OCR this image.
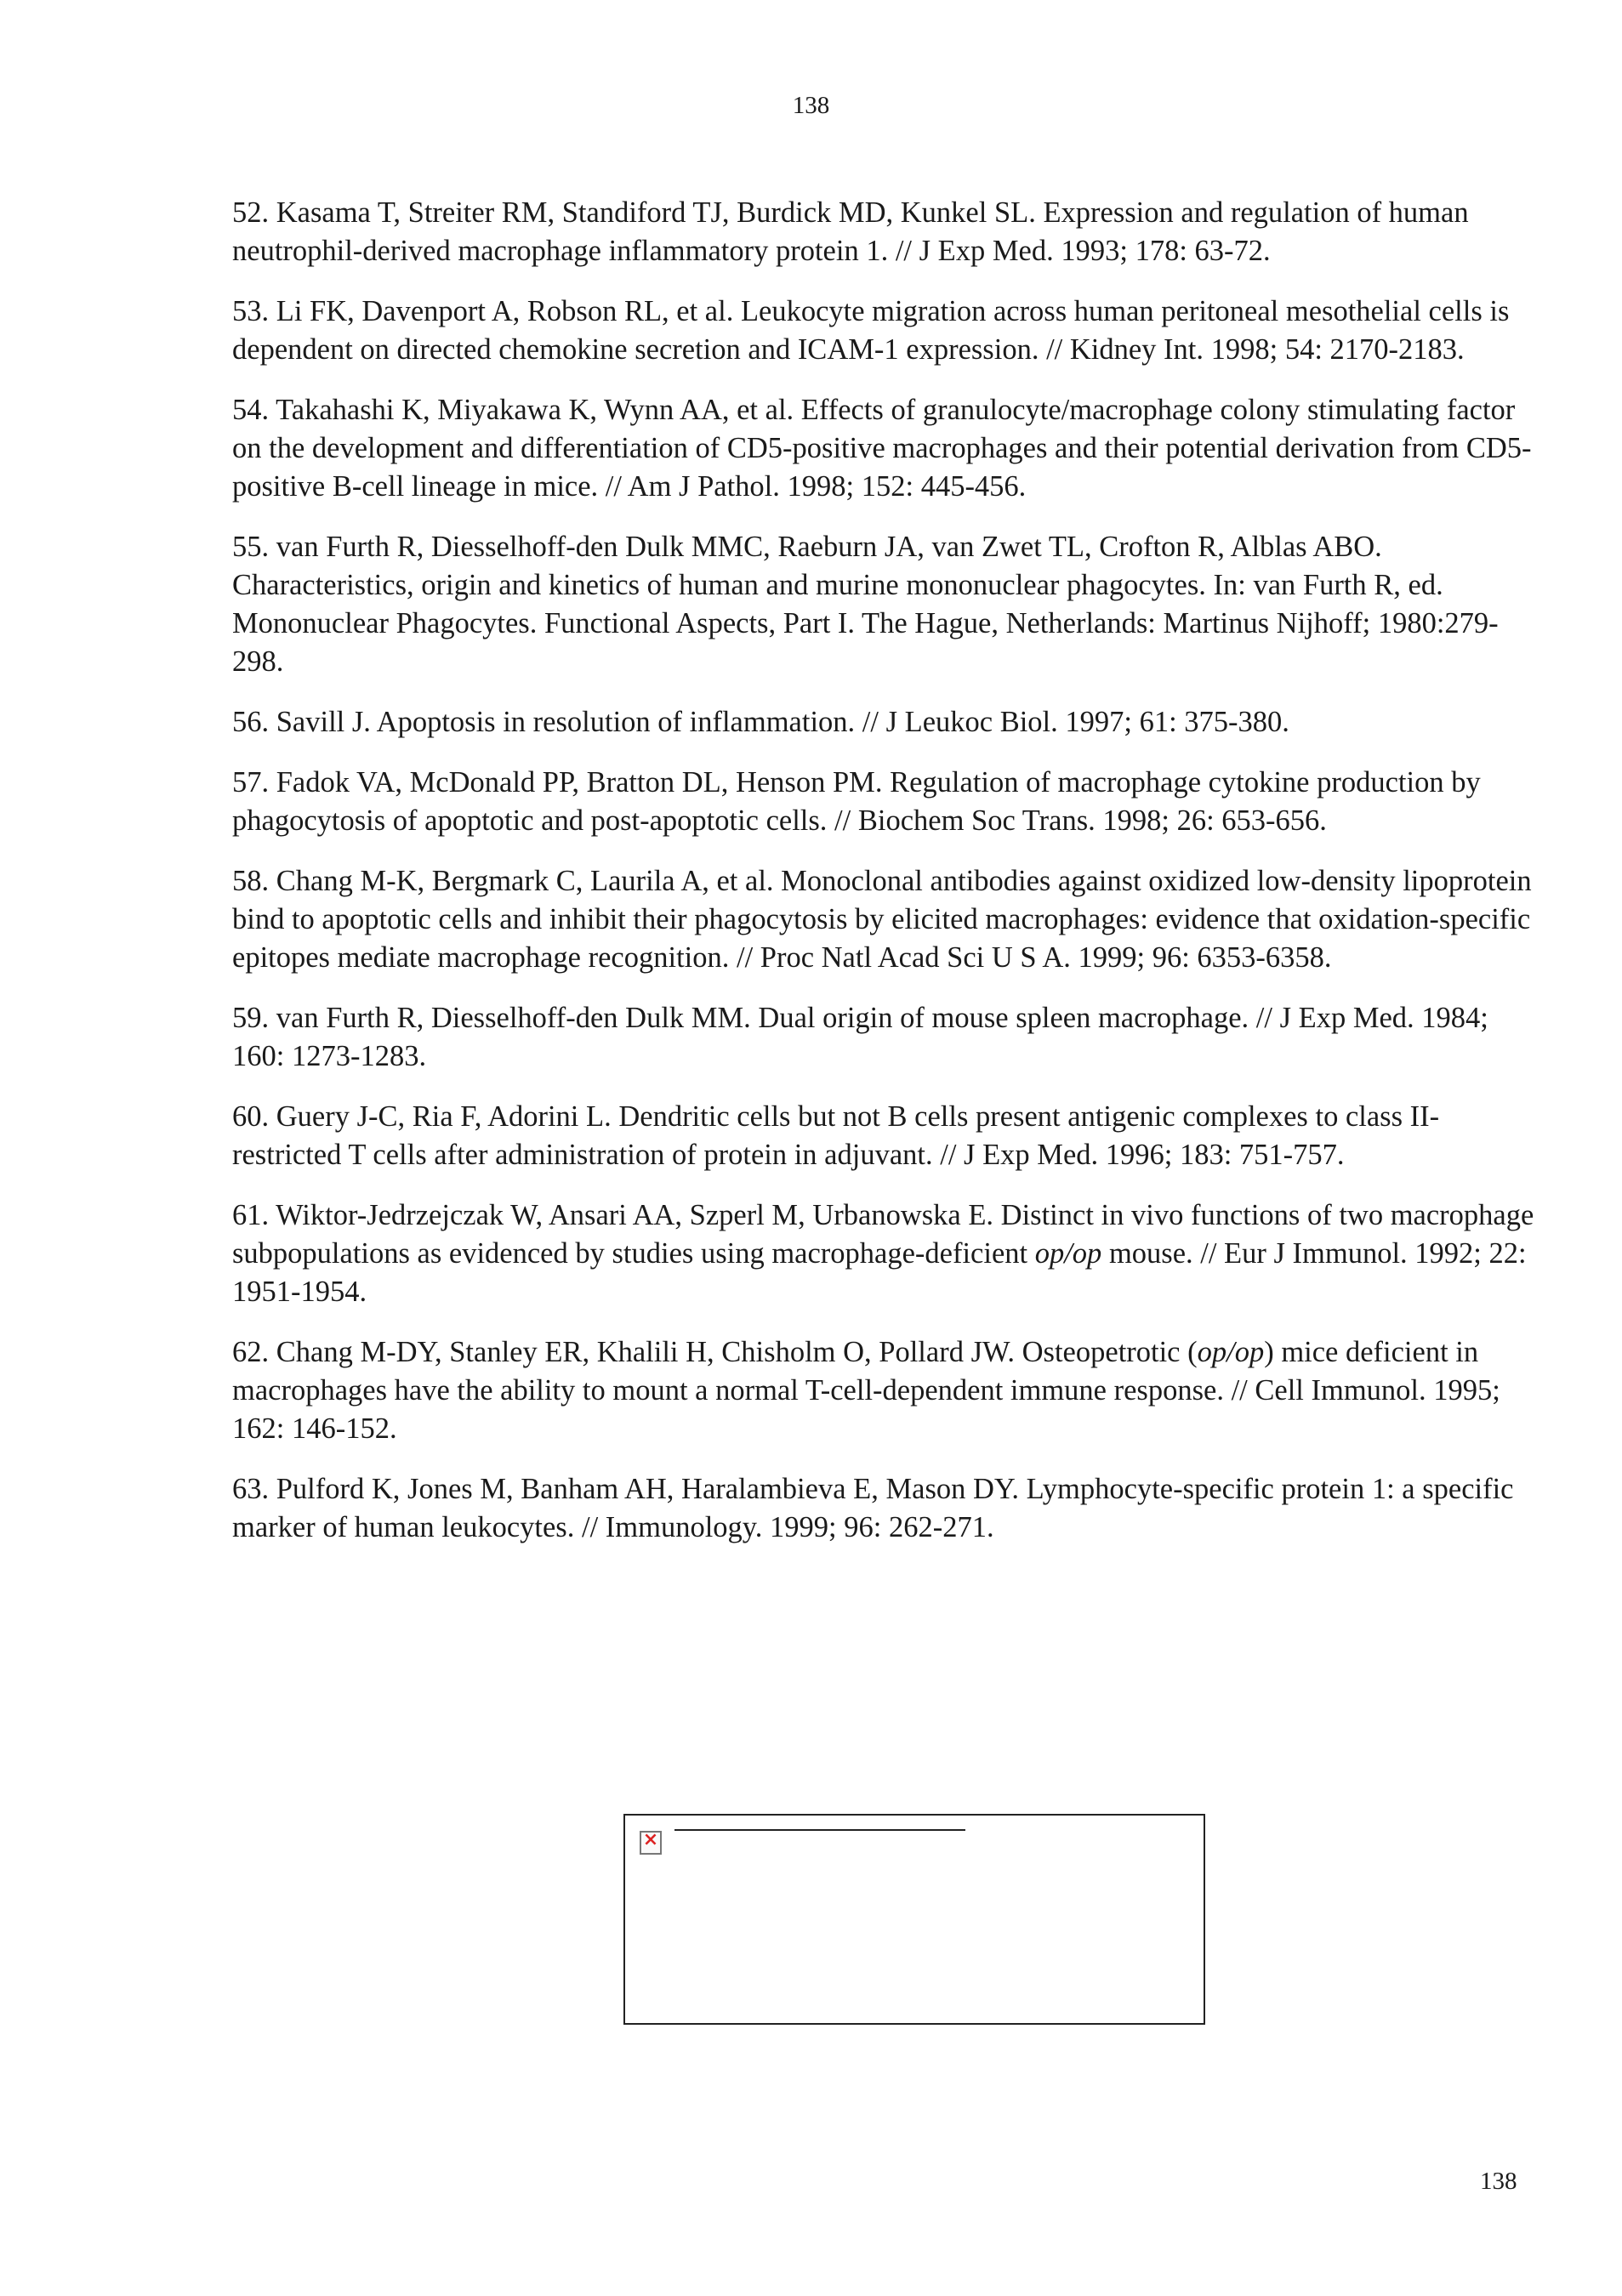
138

52. Kasama T, Streiter RM, Standiford TJ, Burdick MD, Kunkel SL. Expression and regulation of human neutrophil-derived macrophage inflammatory protein 1. // J Exp Med. 1993; 178: 63-72.

53. Li FK, Davenport A, Robson RL, et al. Leukocyte migration across human peritoneal mesothelial cells is dependent on directed chemokine secretion and ICAM-1 expression. // Kidney Int. 1998; 54: 2170-2183.

54. Takahashi K, Miyakawa K, Wynn AA, et al. Effects of granulocyte/macrophage colony stimulating factor on the development and differentiation of CD5-positive macrophages and their potential derivation from CD5-positive B-cell lineage in mice. // Am J Pathol. 1998; 152: 445-456.

55. van Furth R, Diesselhoff-den Dulk MMC, Raeburn JA, van Zwet TL, Crofton R, Alblas ABO. Characteristics, origin and kinetics of human and murine mononuclear phagocytes. In: van Furth R, ed. Mononuclear Phagocytes. Functional Aspects, Part I. The Hague, Netherlands: Martinus Nijhoff; 1980:279-298.

56. Savill J. Apoptosis in resolution of inflammation. // J Leukoc Biol. 1997; 61: 375-380.

57. Fadok VA, McDonald PP, Bratton DL, Henson PM. Regulation of macrophage cytokine production by phagocytosis of apoptotic and post-apoptotic cells. // Biochem Soc Trans. 1998; 26: 653-656.

58. Chang M-K, Bergmark C, Laurila A, et al. Monoclonal antibodies against oxidized low-density lipoprotein bind to apoptotic cells and inhibit their phagocytosis by elicited macrophages: evidence that oxidation-specific epitopes mediate macrophage recognition. // Proc Natl Acad Sci U S A. 1999; 96: 6353-6358.

59. van Furth R, Diesselhoff-den Dulk MM. Dual origin of mouse spleen macrophage. // J Exp Med. 1984; 160: 1273-1283.

60. Guery J-C, Ria F, Adorini L. Dendritic cells but not B cells present antigenic complexes to class II-restricted T cells after administration of protein in adjuvant. // J Exp Med. 1996; 183: 751-757.

61. Wiktor-Jedrzejczak W, Ansari AA, Szperl M, Urbanowska E. Distinct in vivo functions of two macrophage subpopulations as evidenced by studies using macrophage-deficient op/op mouse. // Eur J Immunol. 1992; 22: 1951-1954.

62. Chang M-DY, Stanley ER, Khalili H, Chisholm O, Pollard JW. Osteopetrotic (op/op) mice deficient in macrophages have the ability to mount a normal T-cell-dependent immune response. // Cell Immunol. 1995; 162: 146-152.

63. Pulford K, Jones M, Banham AH, Haralambieva E, Mason DY. Lymphocyte-specific protein 1: a specific marker of human leukocytes. // Immunology. 1999; 96: 262-271.

×
138
